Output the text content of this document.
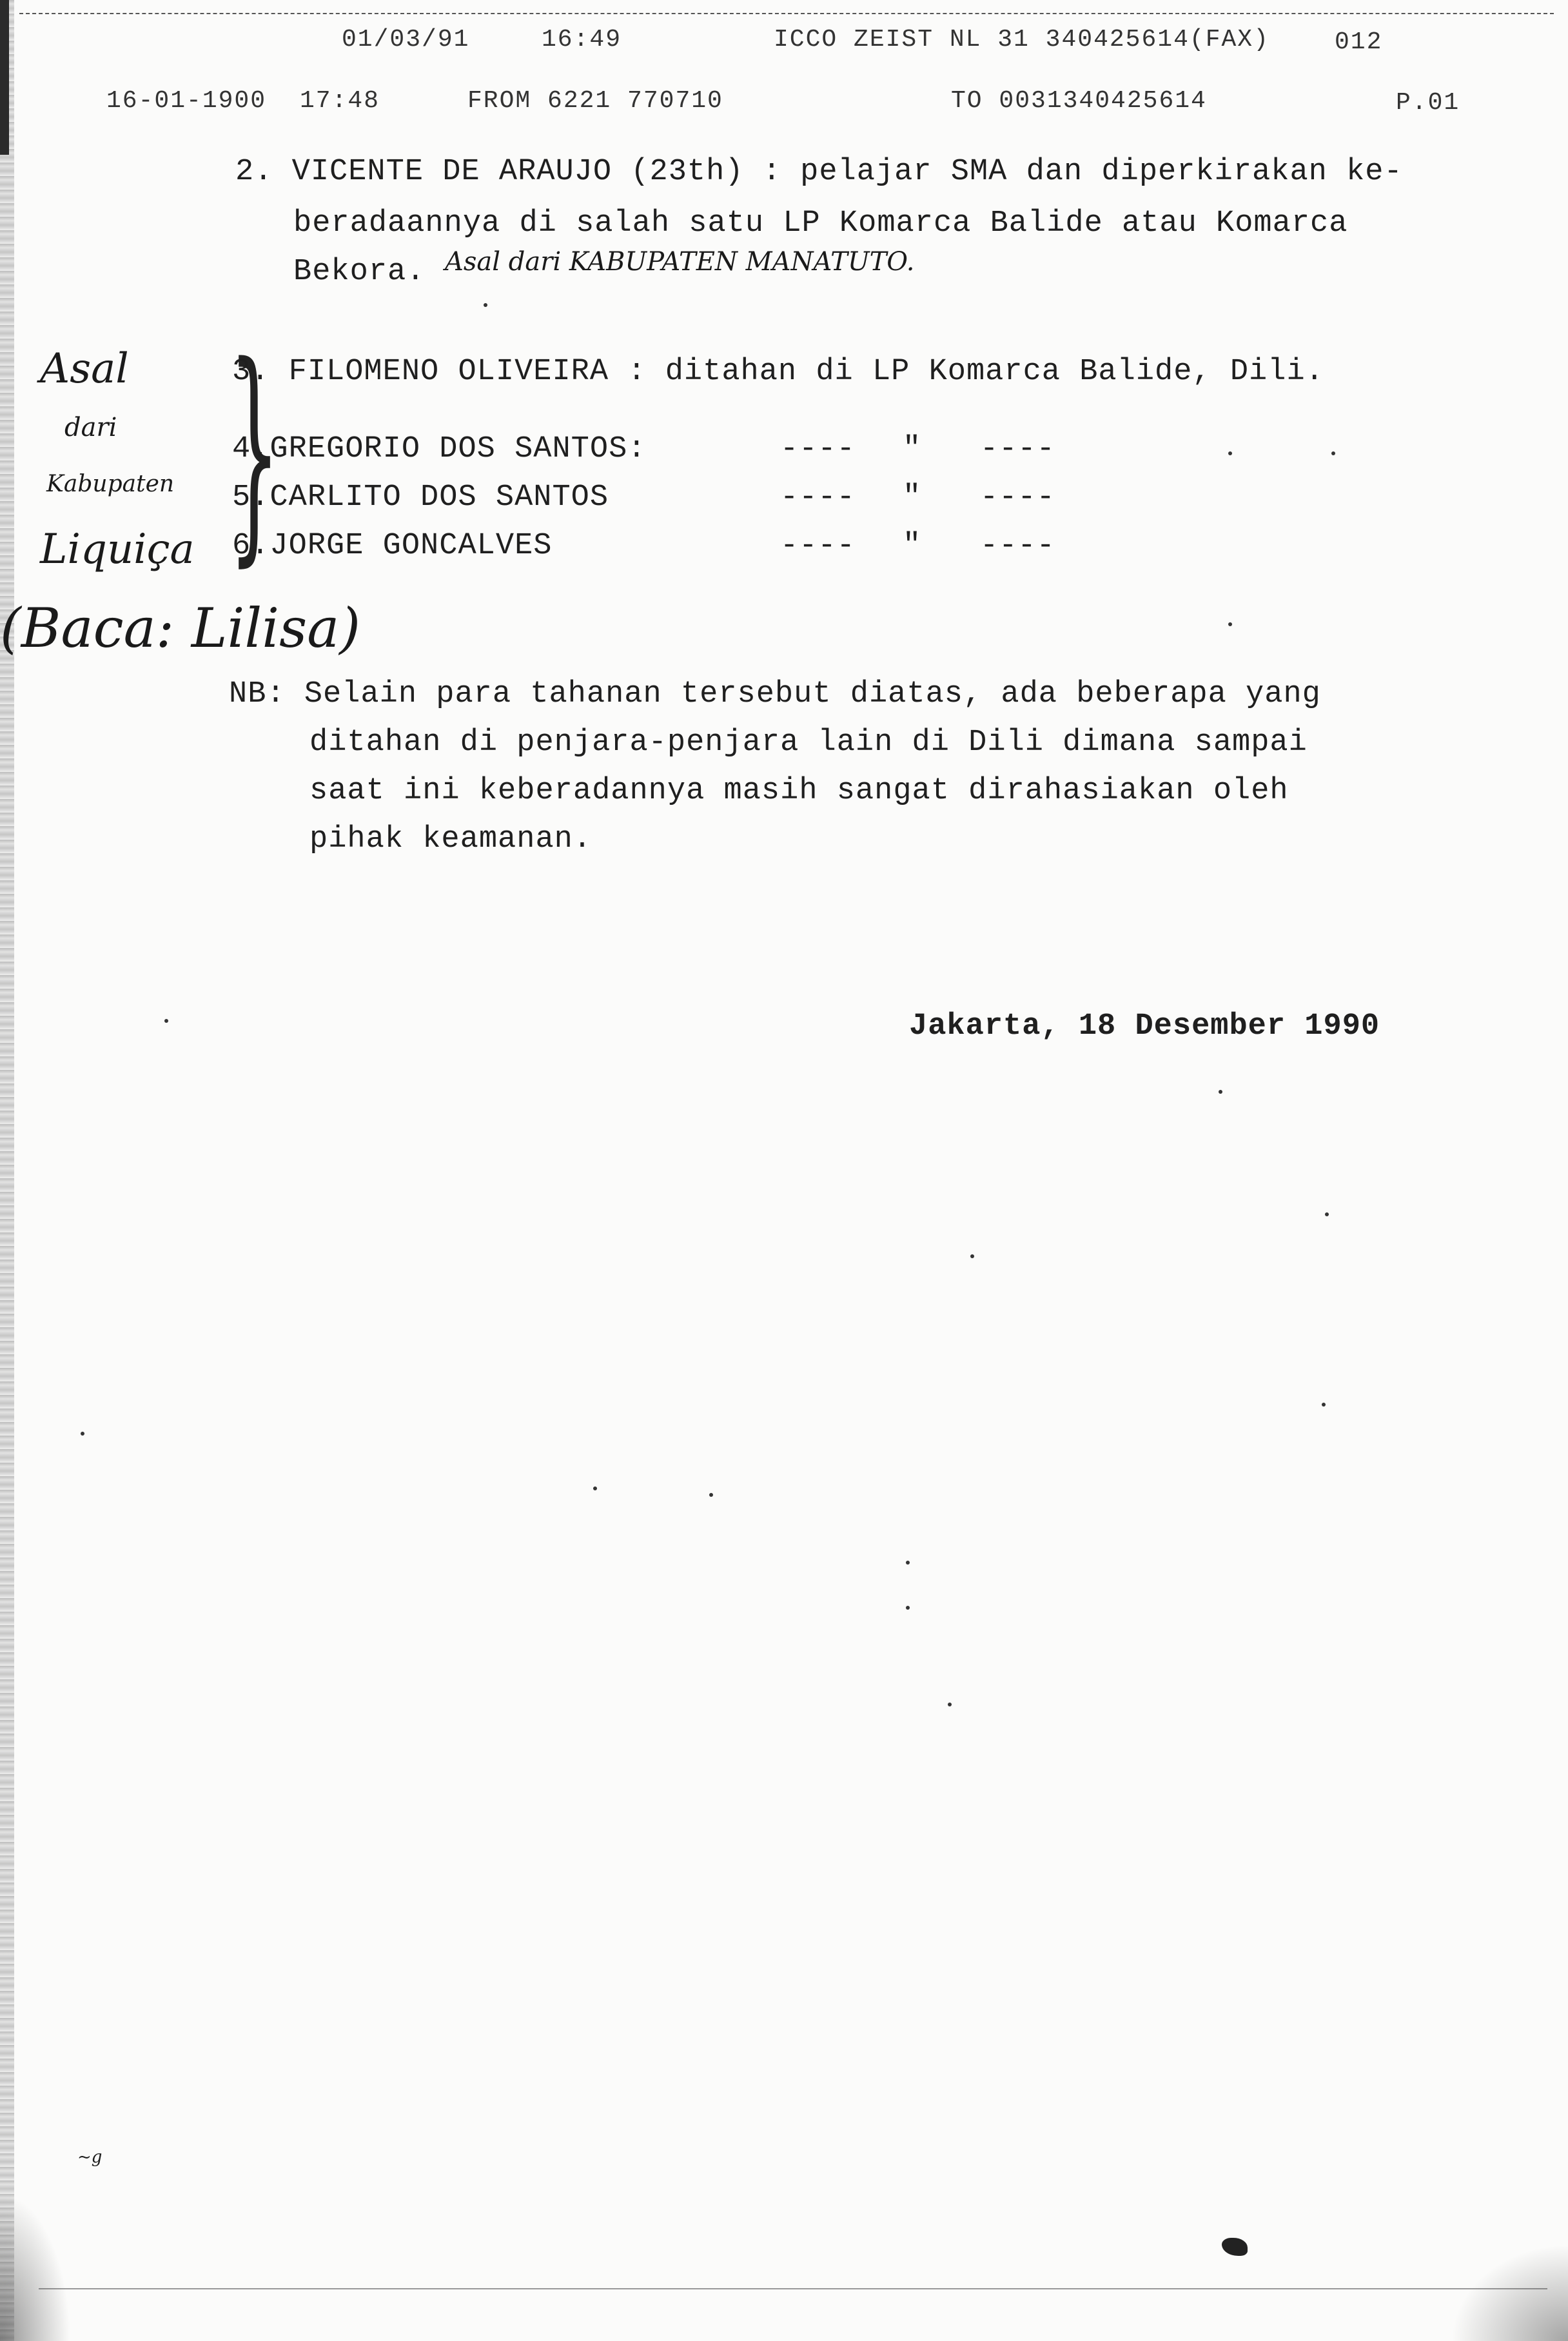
01/03/91	16:49	ICCO ZEIST NL 31 340425614(FAX)	012
16-01-1900 17:48	FROM 6221 770710	TO 0031340425614	P.01
2. VICENTE DE ARAUJO (23th) : pelajar SMA dan diperkirakan ke-
beradaannya di salah satu LP Komarca Balide atau Komarca
Bekora. Asal dari KABUPATEN MANATUTO.
Asal
dari
Kabupaten
Liquiça
(Baca: Lilisa)
}
3. FILOMENO OLIVEIRA : ditahan di LP Komarca Balide, Dili.
4.GREGORIO DOS SANTOS:	---- " ----
5.CARLITO DOS SANTOS	---- " ----
6.JORGE GONCALVES	---- " ----
NB: Selain para tahanan tersebut diatas, ada beberapa yang
ditahan di penjara-penjara lain di Dili dimana sampai
saat ini keberadannya masih sangat dirahasiakan oleh
pihak keamanan.
Jakarta, 18 Desember 1990
~g
